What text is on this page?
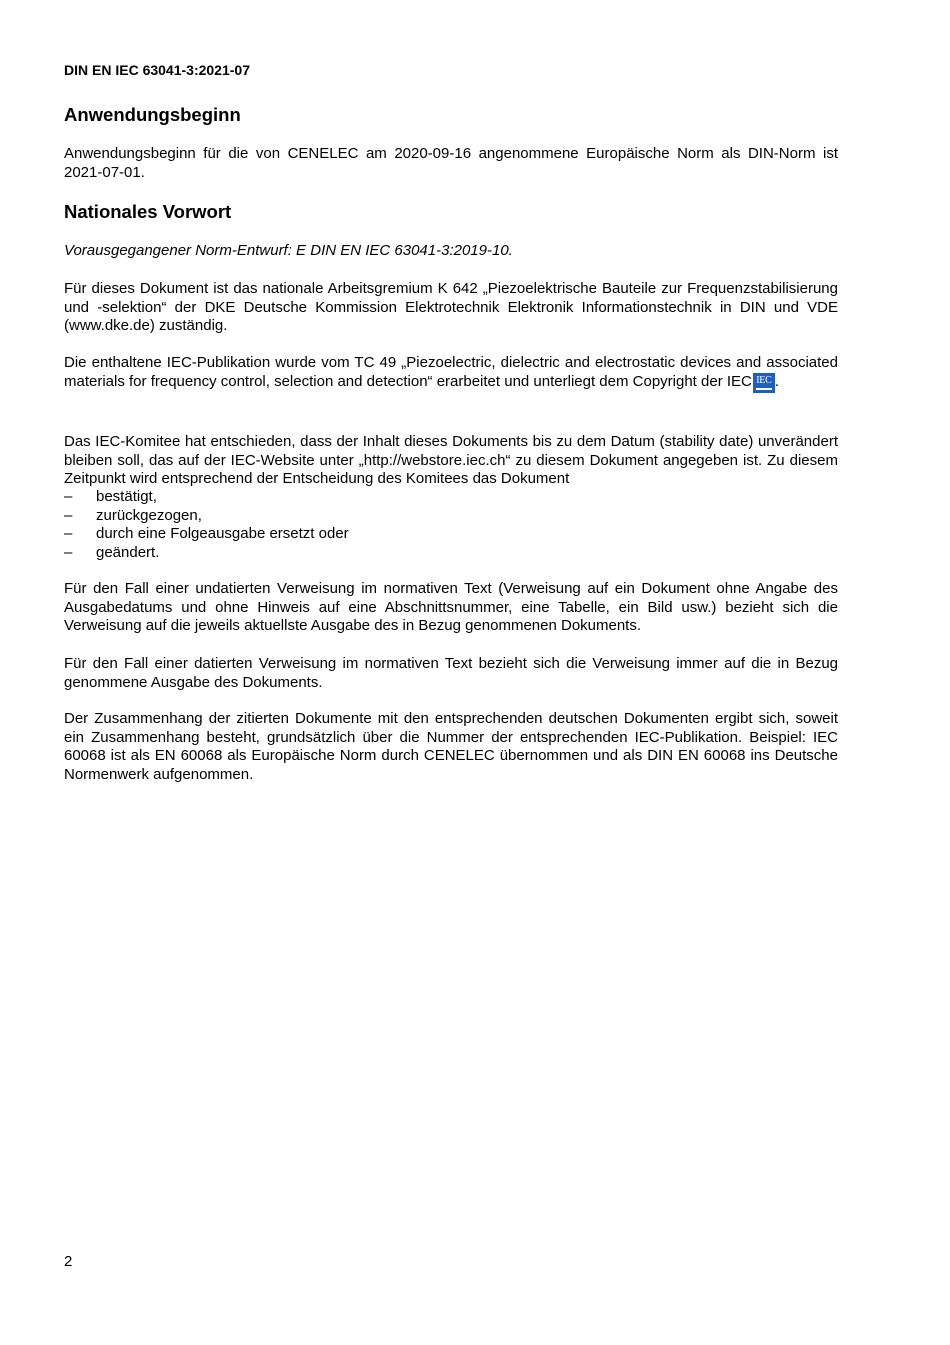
DIN EN IEC 63041-3:2021-07
Anwendungsbeginn

Anwendungsbeginn für die von CENELEC am 2020-09-16 angenommene Europäische Norm als DIN-Norm ist 2021-07-01.

Nationales Vorwort

Vorausgegangener Norm-Entwurf: E DIN EN IEC 63041-3:2019-10.

Für dieses Dokument ist das nationale Arbeitsgremium K 642 „Piezoelektrische Bauteile zur Frequenzstabilisierung und -selektion“ der DKE Deutsche Kommission Elektrotechnik Elektronik Informationstechnik in DIN und VDE (www.dke.de) zuständig.

Die enthaltene IEC-Publikation wurde vom TC 49 „Piezoelectric, dielectric and electrostatic devices and associated materials for frequency control, selection and detection“ erarbeitet und unterliegt dem Copyright der IEC IEC .

Das IEC-Komitee hat entschieden, dass der Inhalt dieses Dokuments bis zu dem Datum (stability date) unverändert bleiben soll, das auf der IEC-Website unter „http://webstore.iec.ch“ zu diesem Dokument angegeben ist. Zu diesem Zeitpunkt wird entsprechend der Entscheidung des Komitees das Dokument

– bestätigt,
– zurückgezogen,
– durch eine Folgeausgabe ersetzt oder
– geändert.

Für den Fall einer undatierten Verweisung im normativen Text (Verweisung auf ein Dokument ohne Angabe des Ausgabedatums und ohne Hinweis auf eine Abschnittsnummer, eine Tabelle, ein Bild usw.) bezieht sich die Verweisung auf die jeweils aktuellste Ausgabe des in Bezug genommenen Dokuments.

Für den Fall einer datierten Verweisung im normativen Text bezieht sich die Verweisung immer auf die in Bezug genommene Ausgabe des Dokuments.

Der Zusammenhang der zitierten Dokumente mit den entsprechenden deutschen Dokumenten ergibt sich, soweit ein Zusammenhang besteht, grundsätzlich über die Nummer der entsprechenden IEC-Publikation. Beispiel: IEC 60068 ist als EN 60068 als Europäische Norm durch CENELEC übernommen und als DIN EN 60068 ins Deutsche Normenwerk aufgenommen.

2
